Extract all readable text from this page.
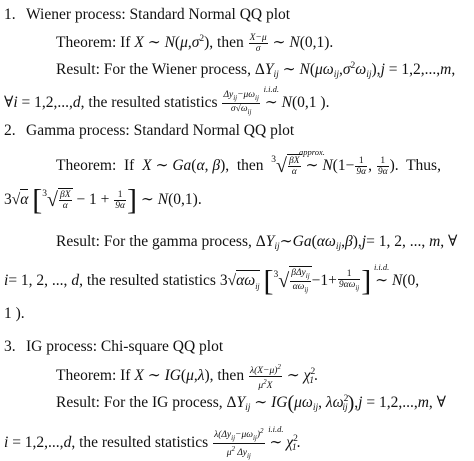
1. Wiener process: Standard Normal QQ plot
Theorem: If X ∼ $N(\mu,\sigma^2)$, then $\frac{X-\mu}{\sigma}$ ∼ N(0,1).
Result: For the Wiener process, $\Delta Y_{ij}$ ∼ $N(\mu\omega_{ij},\sigma^2\omega_{ij}),j = 1,2,...,m$,
∀i = 1,2,...,d, the resulted statistics $\frac{\Delta y_{ij}-\mu\omega_{ij}}{\sigma√\omega_{ij}}$ ∼
i.i.d.
N(0,1 ).
2. Gamma process: Standard Normal QQ plot
Theorem:  If  X ∼ Ga(α, β),  then  $^3√ \frac{\beta X}{\alpha}$ ∼
approx.
$N(1- \frac{1}{9\alpha}$ , $\frac{1}{9\alpha}$ ).  Thus,
3√α [$^3√ \frac{\beta X}{\alpha} - 1 + \frac{1}{9\alpha}$ ] ∼ N(0,1).
Result: For the gamma process, $\Delta Y_{ij}\sim Ga(\alpha\omega_{ij},\beta),j= 1$, 2, ..., m, ∀
i= 1, 2, ..., d, the resulted statistics $3√\alpha\omega_{ij}$ [$^3√ \frac{\beta\Delta y_{ij}}{\alpha\omega_{ij}} -1+ \frac{1}{9\alpha\omega_{ij}}$ ] ∼
i.i.d.
N(0,
1 ).
3. IG process: Chi-square QQ plot
Theorem: If X ∼ IG(μ,λ), then $\frac{\lambda(X-\mu)^2}{\mu^2X}$ ∼ $\chi^2_1$.
Result: For the IG process, $\Delta Y_{ij}$ ∼ $IG(\mu\omega_{ij}$, $\lambda\omega^2_{ij}),j = 1,2,...,m$, ∀
i = 1,2,...,d, the resulted statistics $\frac{\lambda(\Delta y_{ij}-\mu\omega_{ij})^2}{\mu^2 \Delta y_{ij}}$ ∼
i.i.d.
$\chi^2_1$.
